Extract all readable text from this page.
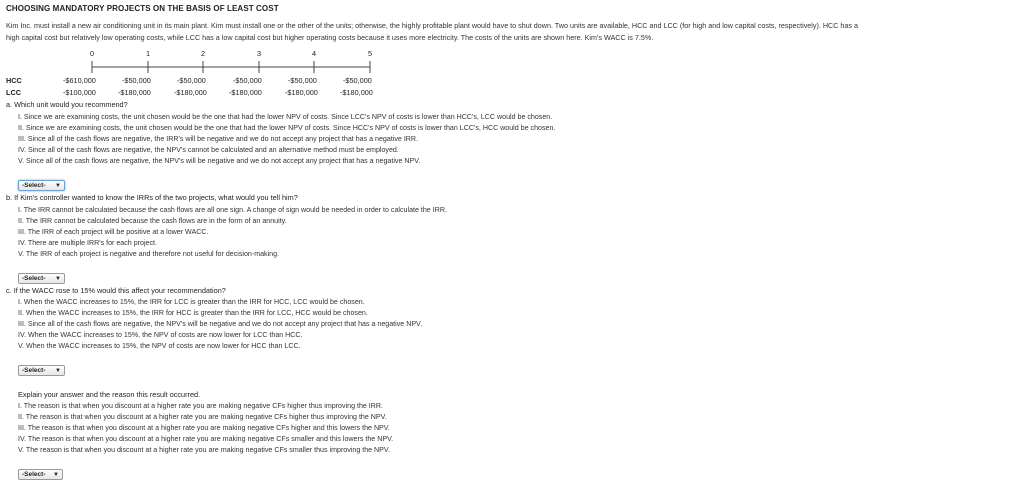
CHOOSING MANDATORY PROJECTS ON THE BASIS OF LEAST COST
Kim Inc. must install a new air conditioning unit in its main plant. Kim must install one or the other of the units; otherwise, the highly profitable plant would have to shut down. Two units are available, HCC and LCC (for high and low capital costs, respectively). HCC has a
high capital cost but relatively low operating costs, while LCC has a low capital cost but higher operating costs because it uses more electricity. The costs of the units are shown here. Kim's WACC is 7.5%.
0	1	2	3	4	5
HCC	-$610,000	-$50,000	-$50,000	-$50,000	-$50,000	-$50,000
LCC	-$100,000	-$180,000	-$180,000	-$180,000	-$180,000	-$180,000
a. Which unit would you recommend?
I. Since we are examining costs, the unit chosen would be the one that had the lower NPV of costs. Since LCC's NPV of costs is lower than HCC's, LCC would be chosen.
II. Since we are examining costs, the unit chosen would be the one that had the lower NPV of costs. Since HCC's NPV of costs is lower than LCC's, HCC would be chosen.
III. Since all of the cash flows are negative, the IRR's will be negative and we do not accept any project that has a negative IRR.
IV. Since all of the cash flows are negative, the NPV's cannot be calculated and an alternative method must be employed.
V. Since all of the cash flows are negative, the NPV's will be negative and we do not accept any project that has a negative NPV.
-Select- ▼
b. If Kim's controller wanted to know the IRRs of the two projects, what would you tell him?
I. The IRR cannot be calculated because the cash flows are all one sign. A change of sign would be needed in order to calculate the IRR.
II. The IRR cannot be calculated because the cash flows are in the form of an annuity.
III. The IRR of each project will be positive at a lower WACC.
IV. There are multiple IRR's for each project.
V. The IRR of each project is negative and therefore not useful for decision-making.
-Select- ▼
c. If the WACC rose to 15% would this affect your recommendation?
I. When the WACC increases to 15%, the IRR for LCC is greater than the IRR for HCC, LCC would be chosen.
II. When the WACC increases to 15%, the IRR for HCC is greater than the IRR for LCC, HCC would be chosen.
III. Since all of the cash flows are negative, the NPV's will be negative and we do not accept any project that has a negative NPV.
IV. When the WACC increases to 15%, the NPV of costs are now lower for LCC than HCC.
V. When the WACC increases to 15%, the NPV of costs are now lower for HCC than LCC.
-Select- ▼
Explain your answer and the reason this result occurred.
I. The reason is that when you discount at a higher rate you are making negative CFs higher thus improving the IRR.
II. The reason is that when you discount at a higher rate you are making negative CFs higher thus improving the NPV.
III. The reason is that when you discount at a higher rate you are making negative CFs higher and this lowers the NPV.
IV. The reason is that when you discount at a higher rate you are making negative CFs smaller and this lowers the NPV.
V. The reason is that when you discount at a higher rate you are making negative CFs smaller thus improving the NPV.
-Select- ▼
